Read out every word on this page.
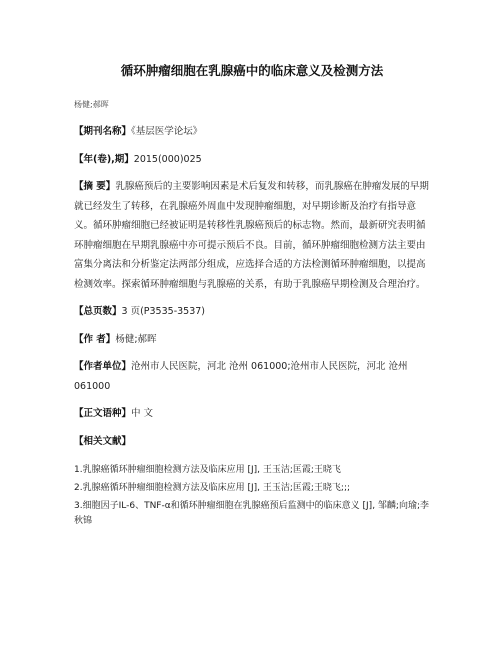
循环肿瘤细胞在乳腺癌中的临床意义及检测方法
杨健;郝晖
【期刊名称】《基层医学论坛》
【年(卷),期】2015(000)025
【摘 要】乳腺癌预后的主要影响因素是术后复发和转移，而乳腺癌在肿瘤发展的早期就已经发生了转移，在乳腺癌外周血中发现肿瘤细胞，对早期诊断及治疗有指导意义。循环肿瘤细胞已经被证明是转移性乳腺癌预后的标志物。然而，最新研究表明循环肿瘤细胞在早期乳腺癌中亦可提示预后不良。目前，循环肿瘤细胞检测方法主要由富集分离法和分析鉴定法两部分组成，应选择合适的方法检测循环肿瘤细胞，以提高检测效率。探索循环肿瘤细胞与乳腺癌的关系，有助于乳腺癌早期检测及合理治疗。
【总页数】3 页(P3535-3537)
【作 者】杨健;郝晖
【作者单位】沧州市人民医院，河北 沧州 061000;沧州市人民医院，河北 沧州 061000
【正文语种】中 文
【相关文献】
1.乳腺癌循环肿瘤细胞检测方法及临床应用 [J], 王玉洁;匡霞;王晓飞
2.乳腺癌循环肿瘤细胞检测方法及临床应用 [J], 王玉洁;匡霞;王晓飞;;;
3.细胞因子IL-6、TNF-α和循环肿瘤细胞在乳腺癌预后监测中的临床意义 [J], 邹麟;向瑜;李秋锦
